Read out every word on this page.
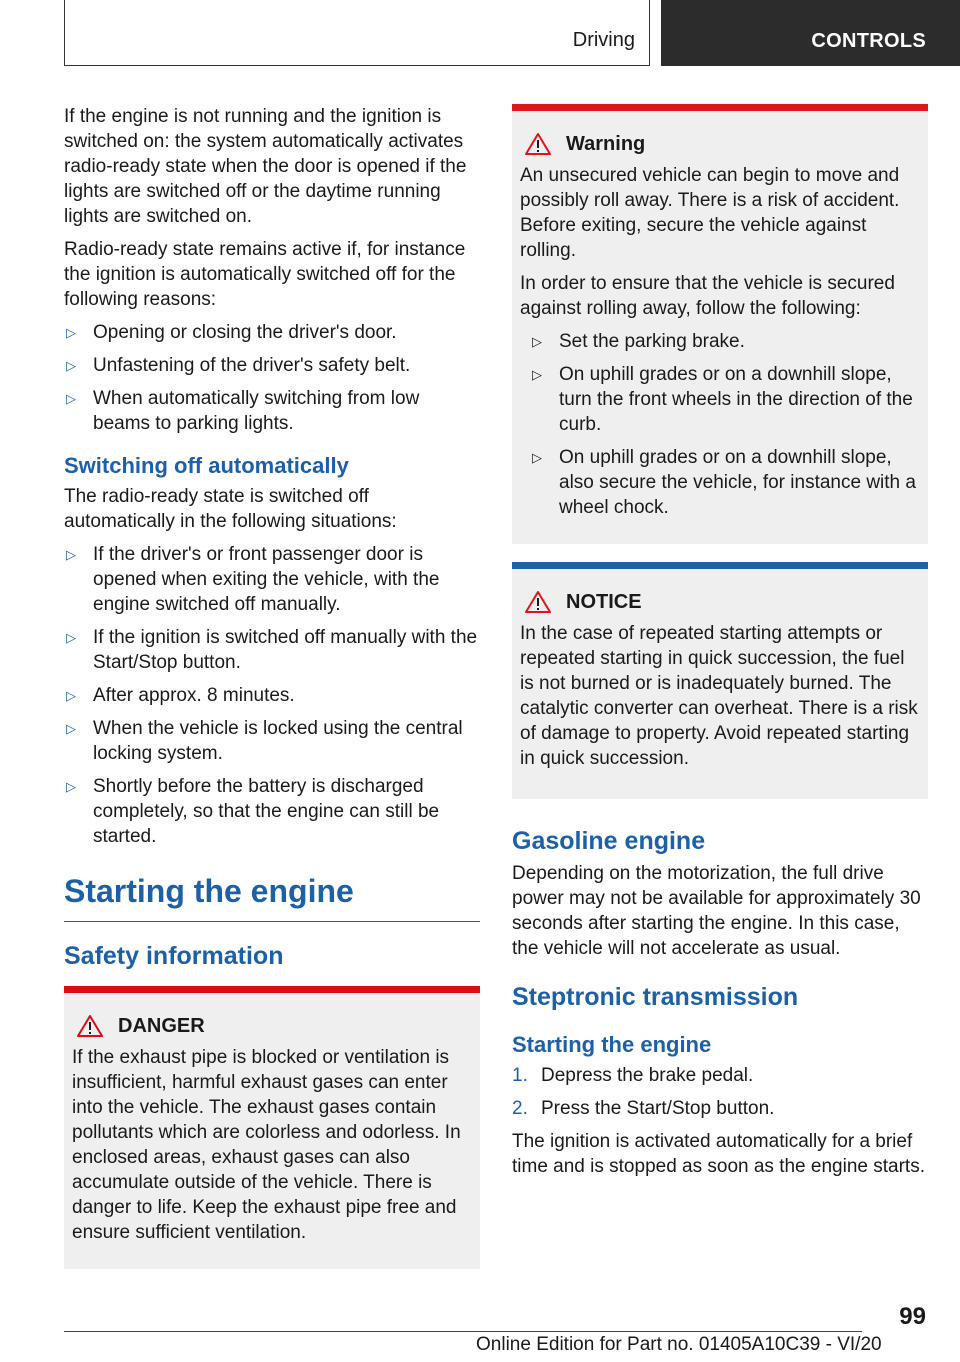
Driving	CONTROLS

If the engine is not running and the ignition is switched on: the system automatically activates radio-ready state when the door is opened if the lights are switched off or the daytime running lights are switched on.

Radio-ready state remains active if, for instance the ignition is automatically switched off for the following reasons:

▷ Opening or closing the driver's door.
▷ Unfastening of the driver's safety belt.
▷ When automatically switching from low beams to parking lights.
Switching off automatically

The radio-ready state is switched off automatically in the following situations:

▷ If the driver's or front passenger door is opened when exiting the vehicle, with the engine switched off manually.
▷ If the ignition is switched off manually with the Start/Stop button.
▷ After approx. 8 minutes.
▷ When the vehicle is locked using the central locking system.
▷ Shortly before the battery is discharged completely, so that the engine can still be started.
Starting the engine
Safety information
DANGER

If the exhaust pipe is blocked or ventilation is insufficient, harmful exhaust gases can enter into the vehicle. The exhaust gases contain pollutants which are colorless and odorless. In enclosed areas, exhaust gases can also accumulate outside of the vehicle. There is danger to life. Keep the exhaust pipe free and ensure sufficient ventilation.

Warning

An unsecured vehicle can begin to move and possibly roll away. There is a risk of accident. Before exiting, secure the vehicle against rolling.

In order to ensure that the vehicle is secured against rolling away, follow the following:

▷ Set the parking brake.
▷ On uphill grades or on a downhill slope, turn the front wheels in the direction of the curb.
▷ On uphill grades or on a downhill slope, also secure the vehicle, for instance with a wheel chock.
NOTICE

In the case of repeated starting attempts or repeated starting in quick succession, the fuel is not burned or is inadequately burned. The catalytic converter can overheat. There is a risk of damage to property. Avoid repeated starting in quick succession.

Gasoline engine

Depending on the motorization, the full drive power may not be available for approximately 30 seconds after starting the engine. In this case, the vehicle will not accelerate as usual.

Steptronic transmission
Starting the engine
1. Depress the brake pedal.
2. Press the Start/Stop button.

The ignition is activated automatically for a brief time and is stopped as soon as the engine starts.

99
Online Edition for Part no. 01405A10C39 - VI/20
